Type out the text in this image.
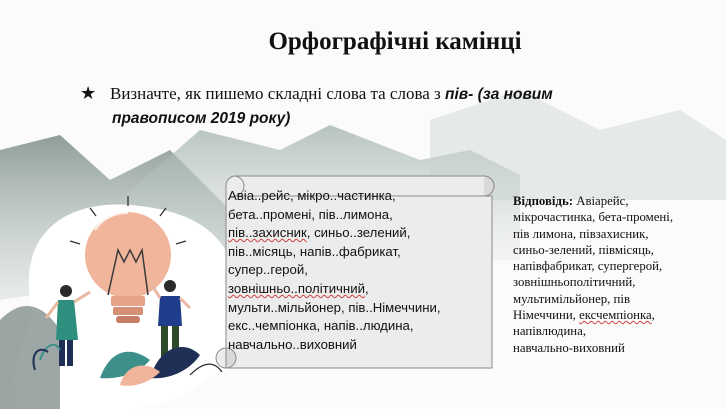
Орфографічні камінці
★ Визначте, як пишемо складні слова та слова з пів- (за новим
правописом 2019 року)
Авіа..рейс, мікро..частинка,
бета..промені, пів..лимона,
пів..захисник, синьо..зелений,
пів..місяць, напів..фабрикат,
супер..герой,
зовнішньо..політичний,
мульти..мільйонер, пів..Німеччини,
екс..чемпіонка, напів..людина,
навчально..виховний
Відповідь: Авіарейс,
мікрочастинка, бета-промені,
пів лимона, півзахисник,
синьо-зелений, півмісяць,
напівфабрикат, супергерой,
зовнішньополітичний,
мультимільйонер, пів
Німеччини, ексчемпіонка,
напівлюдина,
навчально-виховний
